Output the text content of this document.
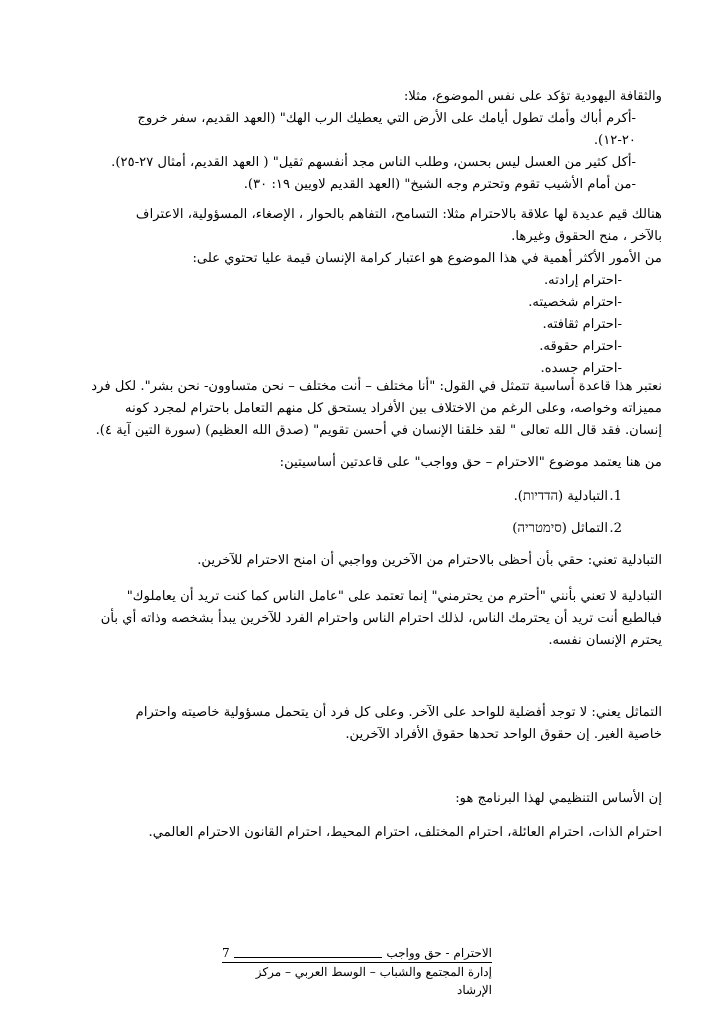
والثقافة اليهودية تؤكد على نفس الموضوع، مثلا:
-أكرم أباك وأمك تطول أيامك على الأرض التي يعطيك الرب الهك" (العهد القديم، سفر خروج
٢٠-١٢).
-أكل كثير من العسل ليس بحسن، وطلب الناس مجد أنفسهم ثقيل" ( العهد القديم، أمثال ٢٧-٢٥).
-من أمام الأشيب تقوم وتحترم وجه الشيخ" (العهد القديم لاويين ١٩: ٣٠).
هنالك قيم عديدة لها علاقة بالاحترام مثلا: التسامح، التفاهم بالحوار ، الإصغاء، المسؤولية، الاعتراف
بالآخر ، منح الحقوق وغيرها.
من الأمور الأكثر أهمية في هذا الموضوع هو اعتبار كرامة الإنسان قيمة عليا تحتوي على:
-احترام إرادته.
-احترام شخصيته.
-احترام ثقافته.
-احترام حقوقه.
-احترام جسده.
نعتبر هذا قاعدة أساسية تتمثل في القول: "أنا مختلف – أنت مختلف – نحن متساوون- نحن بشر". لكل فرد
مميزاته وخواصه، وعلى الرغم من الاختلاف بين الأفراد يستحق كل منهم التعامل باحترام لمجرد كونه
إنسان. فقد قال الله تعالى " لقد خلقنا الإنسان في أحسن تقويم" (صدق الله العظيم) (سورة التين آية ٤).
من هنا يعتمد موضوع "الاحترام – حق وواجب" على قاعدتين أساسيتين:
1.التبادلية (הדדיות).
2.التماثل (סימטריה)
التبادلية تعني: حقي بأن أحظى بالاحترام من الآخرين وواجبي أن امنح الاحترام للآخرين.
التبادلية لا تعني بأنني "أحترم من يحترمني" إنما تعتمد على "عامل الناس كما كنت تريد أن يعاملوك"
فبالطبع أنت تريد أن يحترمك الناس، لذلك احترام الناس واحترام الفرد للآخرين يبدأ بشخصه وذاته أي بأن
يحترم الإنسان نفسه.
التماثل يعني: لا توجد أفضلية للواحد على الآخر. وعلى كل فرد أن يتحمل مسؤولية خاصيته واحترام
خاصية الغير. إن حقوق الواحد تحدها حقوق الأفراد الآخرين.
إن الأساس التنظيمي لهذا البرنامج هو:
احترام الذات، احترام العائلة، احترام المختلف، احترام المحيط، احترام القانون الاحترام العالمي.
الاحترام - حق وواجب
7
إدارة المجتمع والشباب – الوسط العربي – مركز الإرشاد
